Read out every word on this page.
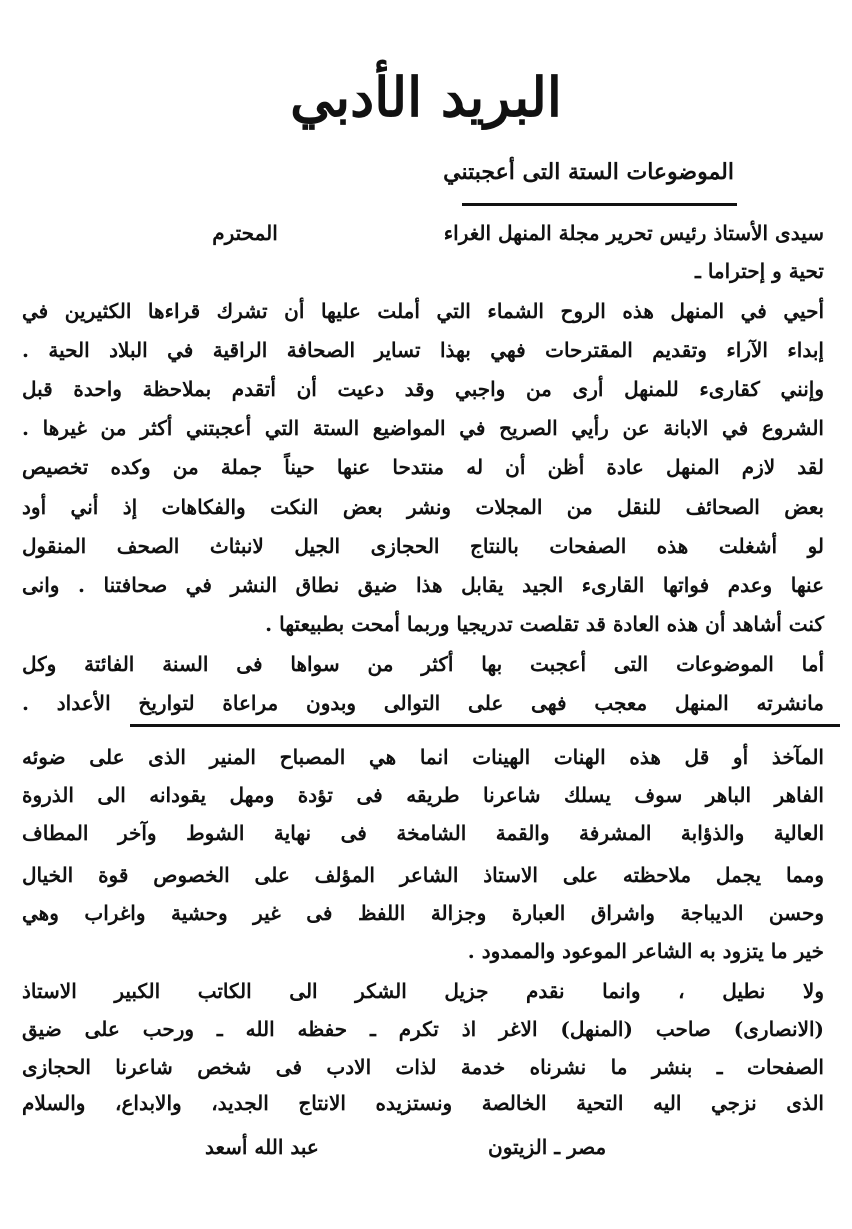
البريد الأدبي
الموضوعات الستة التى أعجبتني
سيدى الأستاذ رئيس تحرير مجلة المنهل الغراء
المحترم
تحية و إحتراما ـ
أحيي في المنهل هذه الروح الشماء التي أملت عليها أن تشرك قراءها الكثيرين في
إبداء الآراء وتقديم المقترحات فهي بهذا تساير الصحافة الراقية في البلاد الحية .
وإنني كقارىء للمنهل أرى من واجبي وقد دعيت أن أتقدم بملاحظة واحدة قبل
الشروع في الابانة عن رأيي الصريح في المواضيع الستة التي أعجبتني أكثر من غيرها .
لقد لازم المنهل عادة أظن أن له منتدحا عنها حيناً جملة من وكده تخصيص
بعض الصحائف للنقل من المجلات ونشر بعض النكت والفكاهات إذ أني أود
لو أشغلت هذه الصفحات بالنتاج الحجازى الجيل لانبثاث الصحف المنقول
عنها وعدم فواتها القارىء الجيد يقابل هذا ضيق نطاق النشر في صحافتنا . وانى
كنت أشاهد أن هذه العادة قد تقلصت تدريجيا وربما أمحت بطبيعتها .
أما الموضوعات التى أعجبت بها أكثر من سواها فى السنة الفائتة وكل
مانشرته المنهل معجب فهى على التوالى وبدون مراعاة لتواريخ الأعداد .
المآخذ أو قل هذه الهنات الهينات انما هي المصباح المنير الذى على ضوئه
الفاهر الباهر سوف يسلك شاعرنا طريقه فى تؤدة ومهل يقودانه الى الذروة
العالية والذؤابة المشرفة والقمة الشامخة فى نهاية الشوط وآخر المطاف
ومما يجمل ملاحظته على الاستاذ الشاعر المؤلف على الخصوص قوة الخيال
وحسن الديباجة واشراق العبارة وجزالة اللفظ فى غير وحشية واغراب وهي
خير ما يتزود به الشاعر الموعود والممدود .
ولا نطيل ، وانما نقدم جزيل الشكر الى الكاتب الكبير الاستاذ
(الانصارى) صاحب (المنهل) الاغر اذ تكرم ـ حفظه الله ـ ورحب على ضيق
الصفحات ـ بنشر ما نشرناه خدمة لذات الادب فى شخص شاعرنا الحجازى
مصر ـ الزيتون
عبد الله أسعد
الذى نزجي اليه التحية الخالصة ونستزيده الانتاج الجديد، والابداع، والسلام
